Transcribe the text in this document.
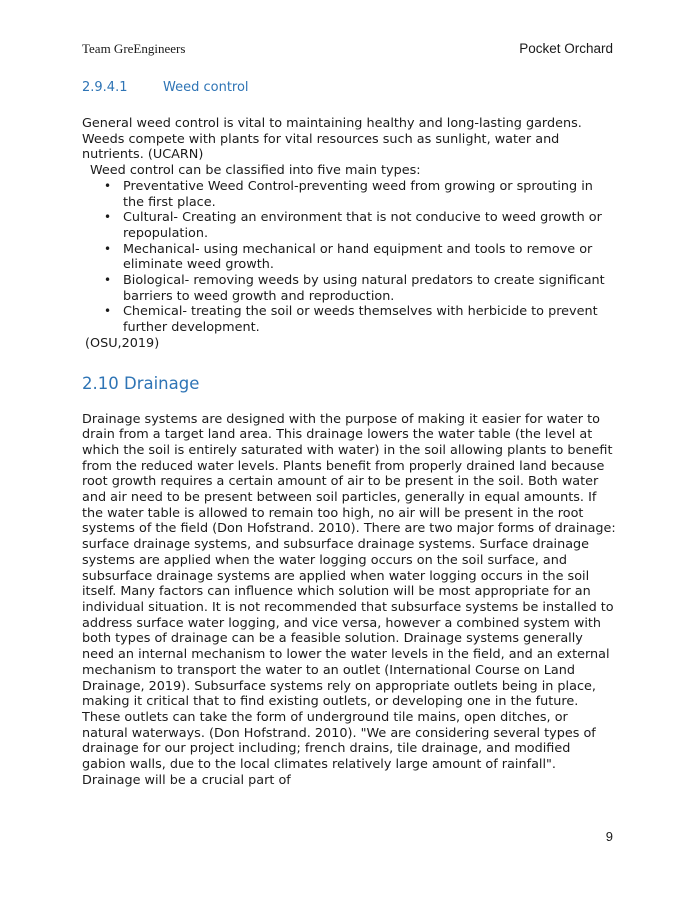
Team GreEngineers	Pocket Orchard
2.9.4.1	Weed control

General weed control is vital to maintaining healthy and long-lasting gardens. Weeds compete with plants for vital resources such as sunlight, water and nutrients. (UCARN)

Weed control can be classified into five main types:

• Preventative Weed Control-preventing weed from growing or sprouting in the first place.
• Cultural- Creating an environment that is not conducive to weed growth or repopulation.
• Mechanical- using mechanical or hand equipment and tools to remove or eliminate weed growth.
• Biological- removing weeds by using natural predators to create significant barriers to weed growth and reproduction.
• Chemical- treating the soil or weeds themselves with herbicide to prevent further development.

(OSU,2019)

2.10 Drainage

Drainage systems are designed with the purpose of making it easier for water to drain from a target land area. This drainage lowers the water table (the level at which the soil is entirely saturated with water) in the soil allowing plants to benefit from the reduced water levels. Plants benefit from properly drained land because root growth requires a certain amount of air to be present in the soil. Both water and air need to be present between soil particles, generally in equal amounts. If the water table is allowed to remain too high, no air will be present in the root systems of the field (Don Hofstrand. 2010). There are two major forms of drainage: surface drainage systems, and subsurface drainage systems. Surface drainage systems are applied when the water logging occurs on the soil surface, and subsurface drainage systems are applied when water logging occurs in the soil itself. Many factors can influence which solution will be most appropriate for an individual situation. It is not recommended that subsurface systems be installed to address surface water logging, and vice versa, however a combined system with both types of drainage can be a feasible solution. Drainage systems generally need an internal mechanism to lower the water levels in the field, and an external mechanism to transport the water to an outlet (International Course on Land Drainage, 2019). Subsurface systems rely on appropriate outlets being in place, making it critical that to find existing outlets, or developing one in the future. These outlets can take the form of underground tile mains, open ditches, or natural waterways. (Don Hofstrand. 2010). "We are considering several types of drainage for our project including; french drains, tile drainage, and modified gabion walls, due to the local climates relatively large amount of rainfall". Drainage will be a crucial part of

9
